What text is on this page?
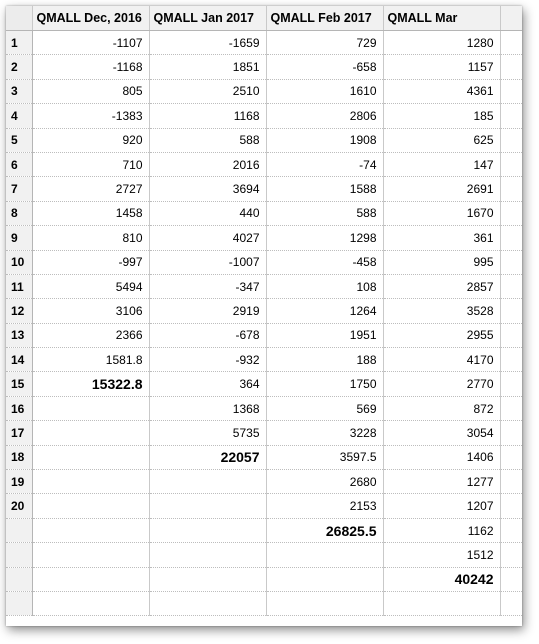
	QMALL Dec, 2016	QMALL Jan 2017	QMALL Feb 2017	QMALL Mar	
1	-1107	-1659	729	1280	
2	-1168	1851	-658	1157	
3	805	2510	1610	4361	
4	-1383	1168	2806	185	
5	920	588	1908	625	
6	710	2016	-74	147	
7	2727	3694	1588	2691	
8	1458	440	588	1670	
9	810	4027	1298	361	
10	-997	-1007	-458	995	
11	5494	-347	108	2857	
12	3106	2919	1264	3528	
13	2366	-678	1951	2955	
14	1581.8	-932	188	4170	
15	15322.8	364	1750	2770	
16		1368	569	872	
17		5735	3228	3054	
18		22057	3597.5	1406	
19			2680	1277	
20			2153	1207	
			26825.5	1162	
				1512	
				40242	
